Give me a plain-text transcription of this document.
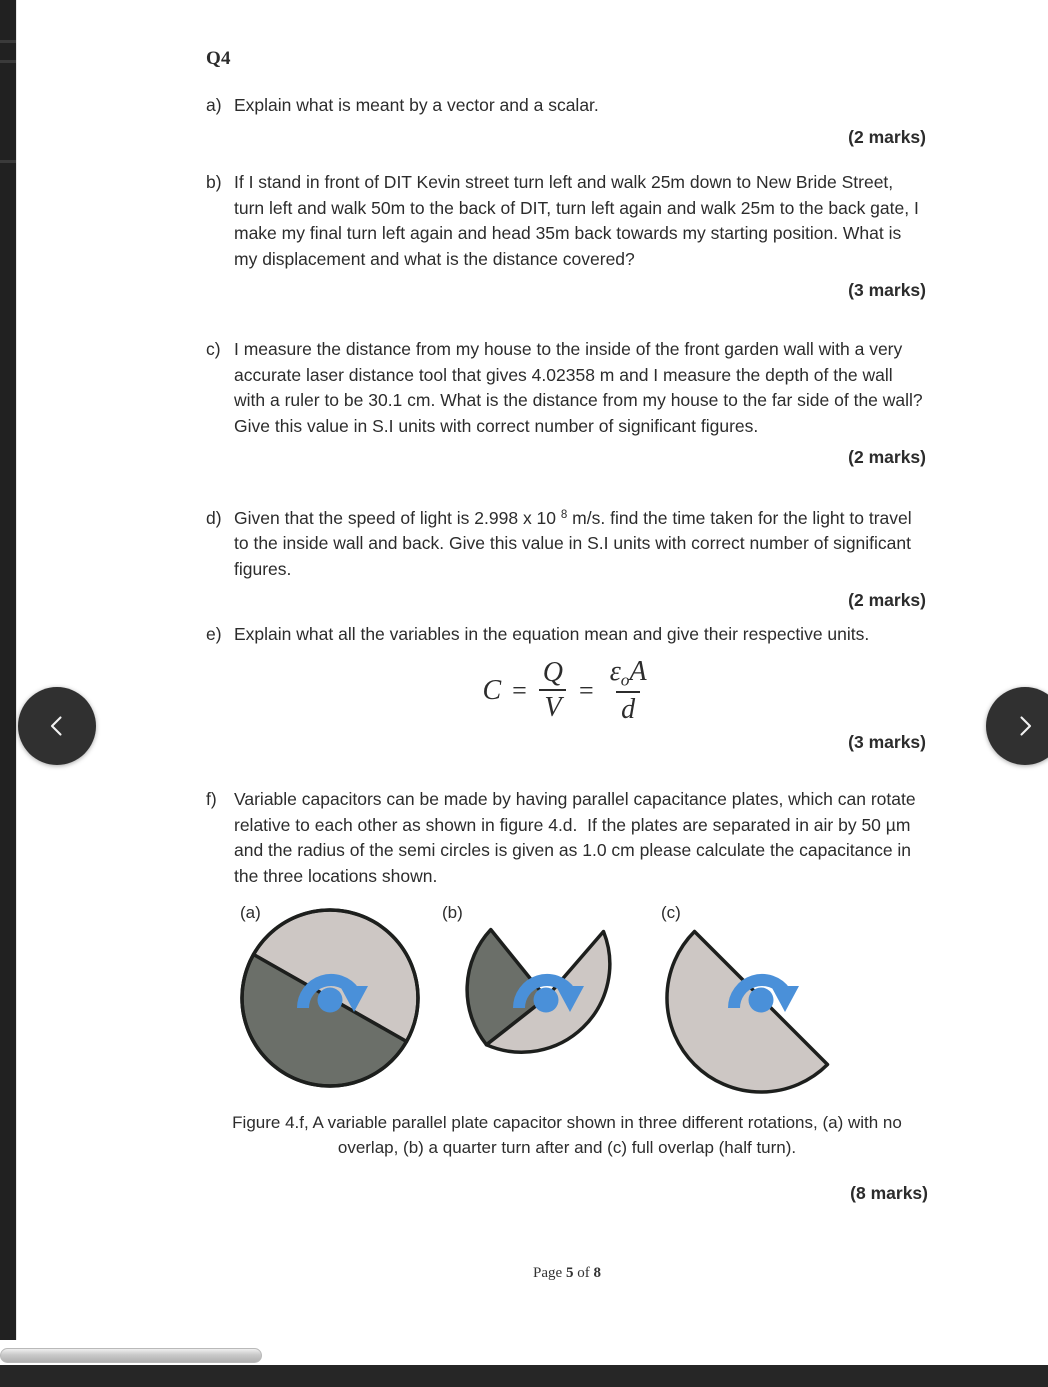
Q4
a) Explain what is meant by a vector and a scalar.
(2 marks)
b) If I stand in front of DIT Kevin street turn left and walk 25m down to New Bride Street, turn left and walk 50m to the back of DIT, turn left again and walk 25m to the back gate, I make my final turn left again and head 35m back towards my starting position. What is my displacement and what is the distance covered?
(3 marks)
c) I measure the distance from my house to the inside of the front garden wall with a very accurate laser distance tool that gives 4.02358 m and I measure the depth of the wall with a ruler to be 30.1 cm. What is the distance from my house to the far side of the wall? Give this value in S.I units with correct number of significant figures.
(2 marks)
d) Given that the speed of light is 2.998 x 10 $^8$ m/s. find the time taken for the light to travel to the inside wall and back. Give this value in S.I units with correct number of significant figures.
(2 marks)
e) Explain what all the variables in the equation mean and give their respective units.
$C = \frac{Q}{V} = \frac{\varepsilon_oA}{d}$
(3 marks)
f) Variable capacitors can be made by having parallel capacitance plates, which can rotate relative to each other as shown in figure 4.d.  If the plates are separated in air by 50 µm and the radius of the semi circles is given as 1.0 cm please calculate the capacitance in the three locations shown.
(a)	(b)	(c)
Figure 4.f, A variable parallel plate capacitor shown in three different rotations, (a) with no overlap, (b) a quarter turn after and (c) full overlap (half turn).
(8 marks)
Page 5 of 8
